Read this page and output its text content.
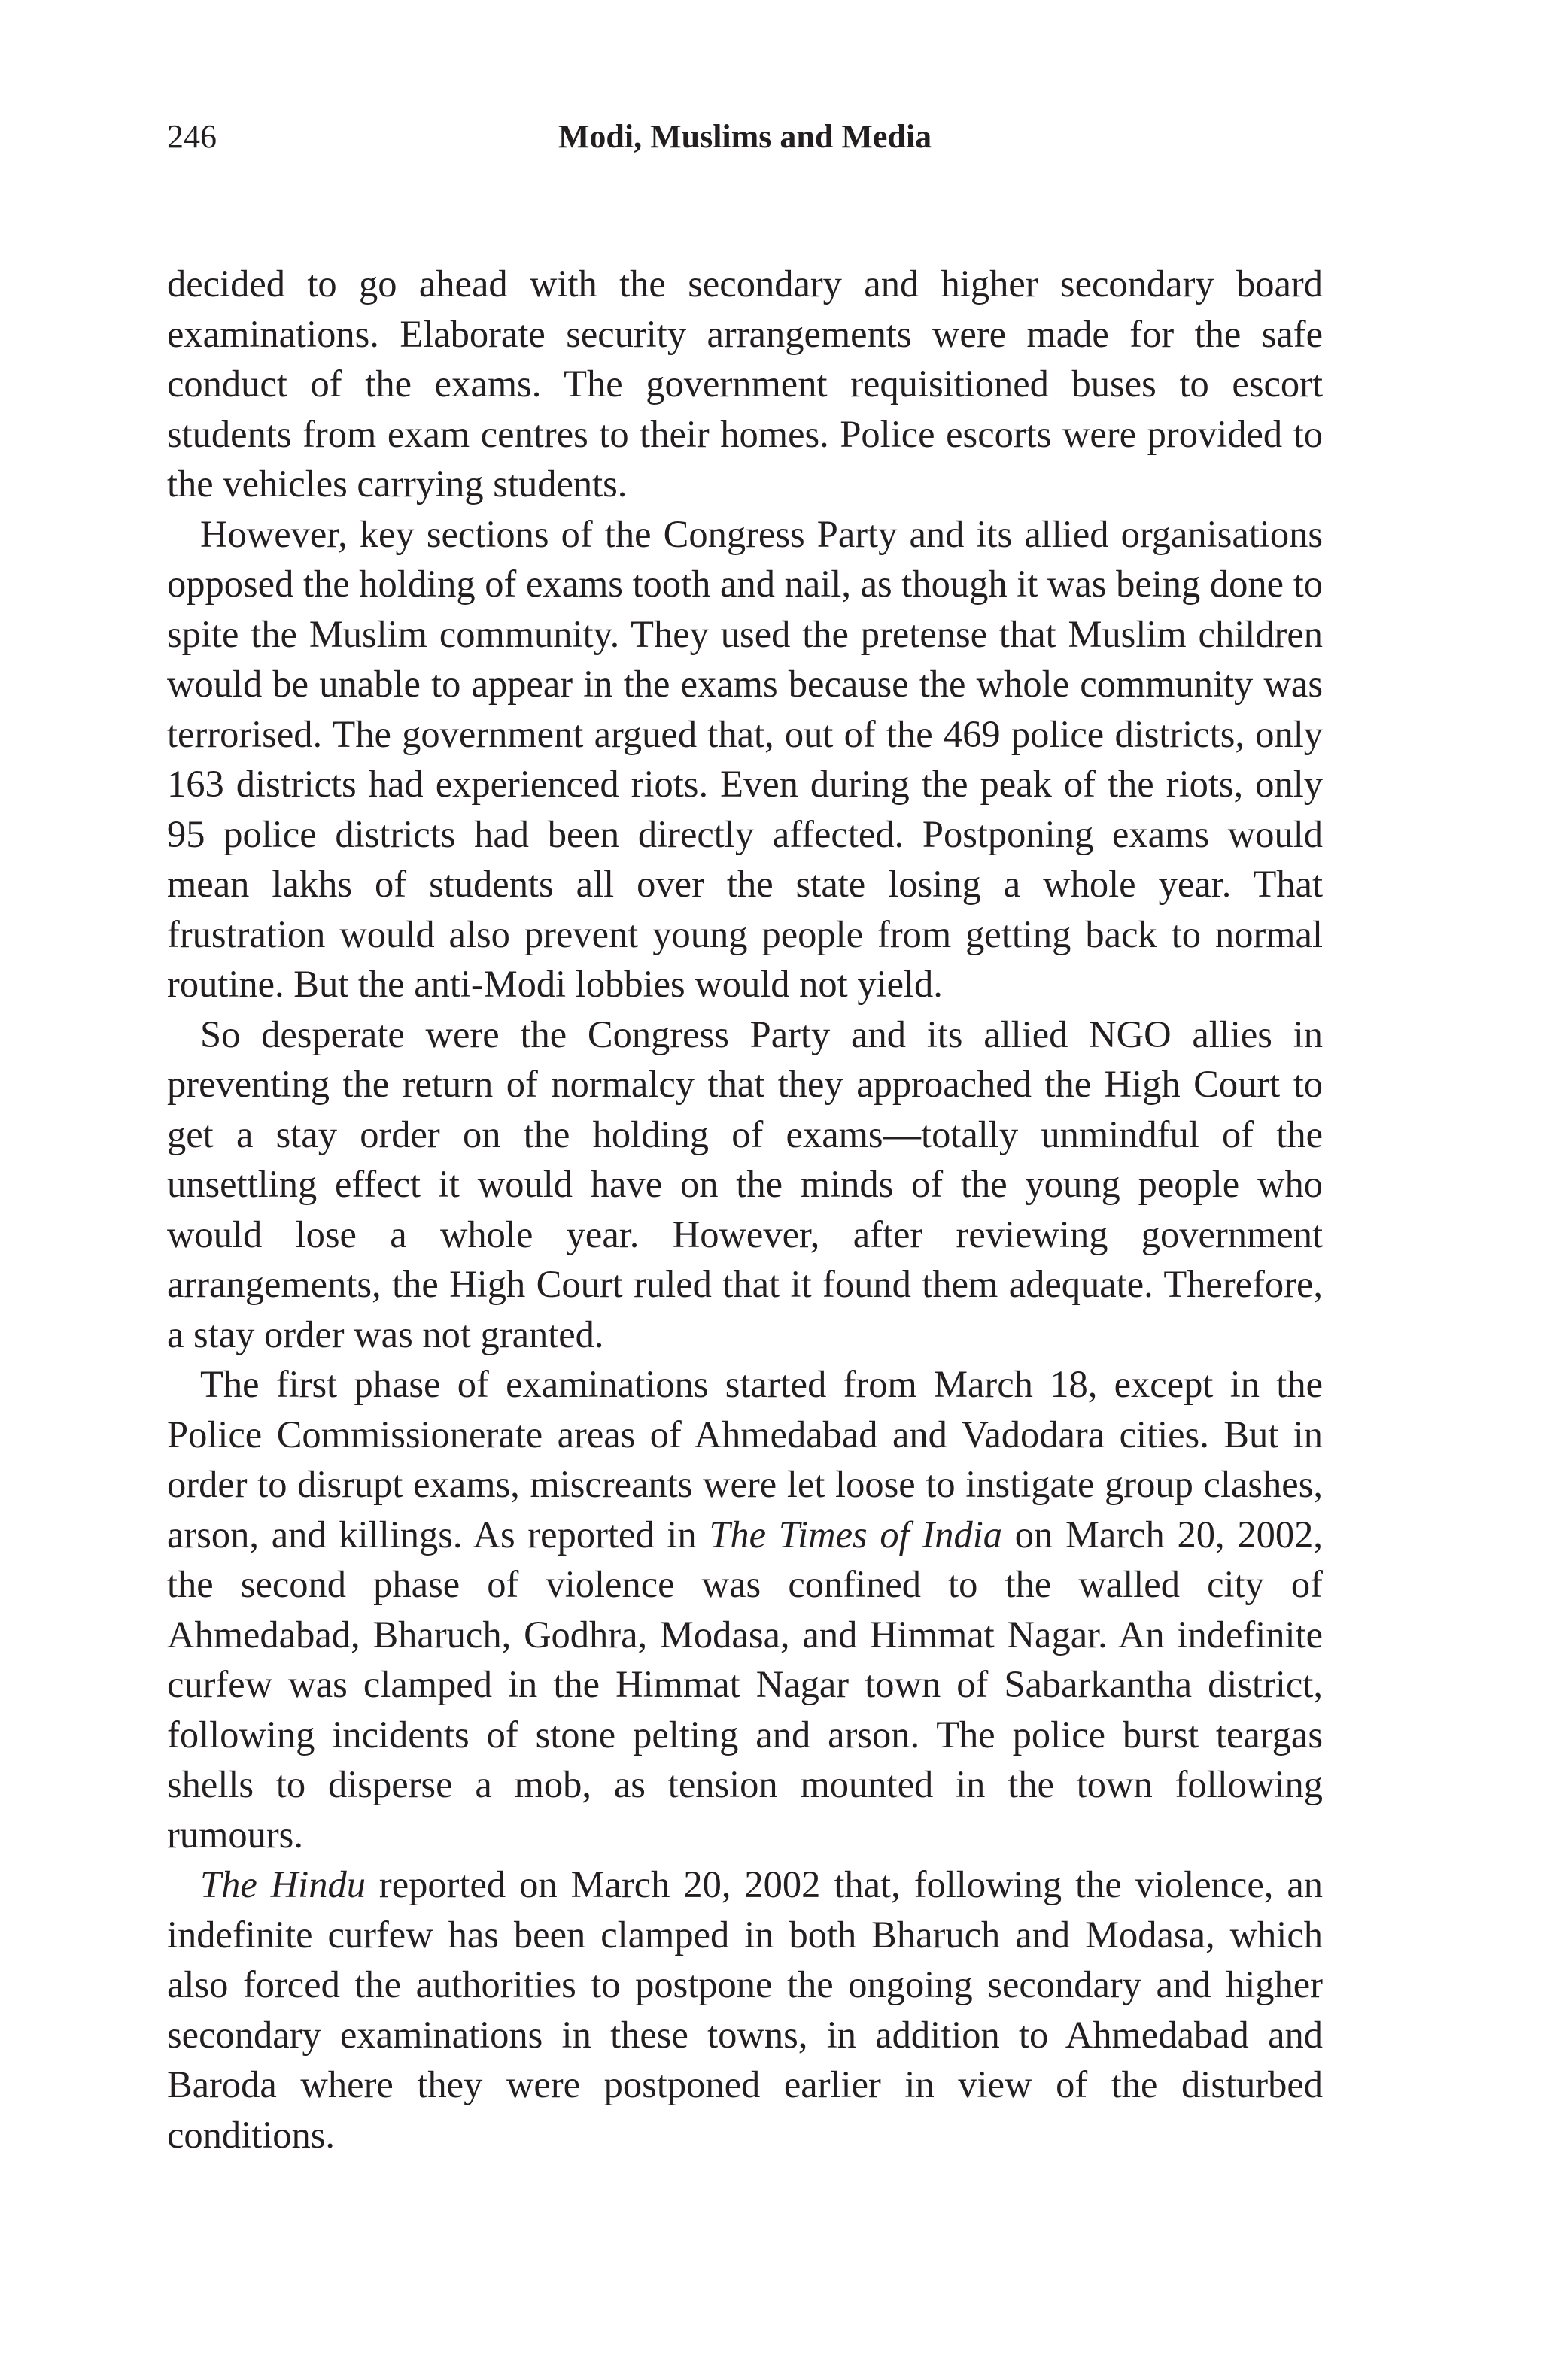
246	Modi, Muslims and Media

decided to go ahead with the secondary and higher secondary board examinations. Elaborate security arrangements were made for the safe conduct of the exams. The government requisitioned buses to escort students from exam centres to their homes. Police escorts were provided to the vehicles carrying students.

However, key sections of the Congress Party and its allied organisations opposed the holding of exams tooth and nail, as though it was being done to spite the Muslim community. They used the pretense that Muslim children would be unable to appear in the exams because the whole community was terrorised. The government argued that, out of the 469 police districts, only 163 districts had experienced riots. Even during the peak of the riots, only 95 police districts had been directly affected. Postponing exams would mean lakhs of students all over the state losing a whole year. That frustration would also prevent young people from getting back to normal routine. But the anti-Modi lobbies would not yield.

So desperate were the Congress Party and its allied NGO allies in preventing the return of normalcy that they approached the High Court to get a stay order on the holding of exams—totally unmindful of the unsettling effect it would have on the minds of the young people who would lose a whole year. However, after reviewing government arrangements, the High Court ruled that it found them adequate. Therefore, a stay order was not granted.

The first phase of examinations started from March 18, except in the Police Commissionerate areas of Ahmedabad and Vadodara cities. But in order to disrupt exams, miscreants were let loose to instigate group clashes, arson, and killings. As reported in The Times of India on March 20, 2002, the second phase of violence was confined to the walled city of Ahmedabad, Bharuch, Godhra, Modasa, and Himmat Nagar. An indefinite curfew was clamped in the Himmat Nagar town of Sabarkantha district, following incidents of stone pelting and arson. The police burst teargas shells to disperse a mob, as tension mounted in the town following rumours.

The Hindu reported on March 20, 2002 that, following the violence, an indefinite curfew has been clamped in both Bharuch and Modasa, which also forced the authorities to postpone the ongoing secondary and higher secondary examinations in these towns, in addition to Ahmedabad and Baroda where they were postponed earlier in view of the disturbed conditions.
